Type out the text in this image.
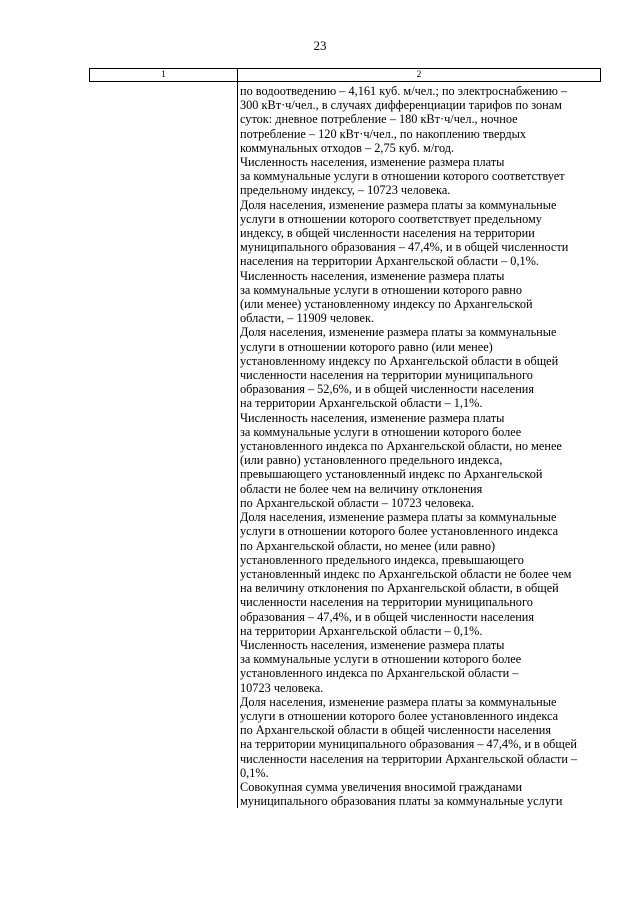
23
1	2
по водоотведению – 4,161 куб. м/чел.; по электроснабжению –
300 кВт·ч/чел., в случаях дифференциации тарифов по зонам
суток: дневное потребление – 180 кВт·ч/чел., ночное
потребление – 120 кВт·ч/чел., по накоплению твердых
коммунальных отходов – 2,75 куб. м/год.
Численность населения, изменение размера платы
за коммунальные услуги в отношении которого соответствует
предельному индексу, – 10723 человека.
Доля населения, изменение размера платы за коммунальные
услуги в отношении которого соответствует предельному
индексу, в общей численности населения на территории
муниципального образования – 47,4%, и в общей численности
населения на территории Архангельской области – 0,1%.
Численность населения, изменение размера платы
за коммунальные услуги в отношении которого равно
(или менее) установленному индексу по Архангельской
области, – 11909 человек.
Доля населения, изменение размера платы за коммунальные
услуги в отношении которого равно (или менее)
установленному индексу по Архангельской области в общей
численности населения на территории муниципального
образования – 52,6%, и в общей численности населения
на территории Архангельской области – 1,1%.
Численность населения, изменение размера платы
за коммунальные услуги в отношении которого более
установленного индекса по Архангельской области, но менее
(или равно) установленного предельного индекса,
превышающего установленный индекс по Архангельской
области не более чем на величину отклонения
по Архангельской области – 10723 человека.
Доля населения, изменение размера платы за коммунальные
услуги в отношении которого более установленного индекса
по Архангельской области, но менее (или равно)
установленного предельного индекса, превышающего
установленный индекс по Архангельской области не более чем
на величину отклонения по Архангельской области, в общей
численности населения на территории муниципального
образования – 47,4%, и в общей численности населения
на территории Архангельской области – 0,1%.
Численность населения, изменение размера платы
за коммунальные услуги в отношении которого более
установленного индекса по Архангельской области –
10723 человека.
Доля населения, изменение размера платы за коммунальные
услуги в отношении которого более установленного индекса
по Архангельской области в общей численности населения
на территории муниципального образования – 47,4%, и в общей
численности населения на территории Архангельской области –
0,1%.
Совокупная сумма увеличения вносимой гражданами
муниципального образования платы за коммунальные услуги
